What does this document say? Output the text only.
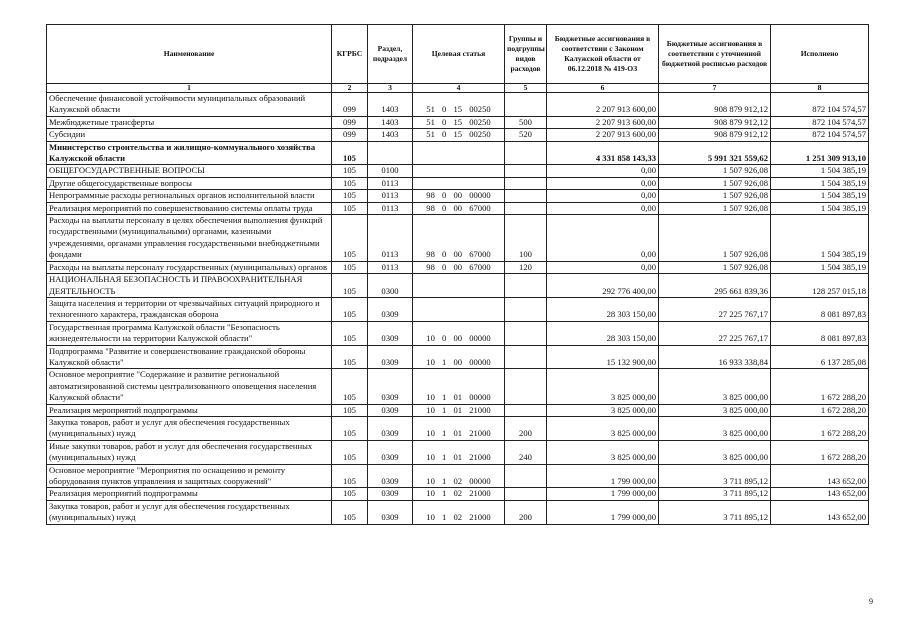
Наименование	КГРБС	Раздел, подраздел	Целевая статья	Группы и подгруппы видов расходов	Бюджетные ассигнования в соответствии с Законом Калужской области от 06.12.2018 № 419-ОЗ	Бюджетные ассигнования в соответствии с уточненной бюджетной росписью расходов	Исполнено
1	2	3	4	5	6	7	8
Обеспечение финансовой устойчивости муниципальных образований Калужской области	099	1403	51 0 15 00250		2 207 913 600,00	908 879 912,12	872 104 574,57
Межбюджетные трансферты	099	1403	51 0 15 00250	500	2 207 913 600,00	908 879 912,12	872 104 574,57
Субсидии	099	1403	51 0 15 00250	520	2 207 913 600,00	908 879 912,12	872 104 574,57
Министерство строительства и жилищно-коммунального хозяйства Калужской области	105				4 331 858 143,33	5 991 321 559,62	1 251 309 913,10
ОБЩЕГОСУДАРСТВЕННЫЕ ВОПРОСЫ	105	0100			0,00	1 507 926,08	1 504 385,19
Другие общегосударственные вопросы	105	0113			0,00	1 507 926,08	1 504 385,19
Непрограммные расходы региональных органов исполнительной власти	105	0113	98 0 00 00000		0,00	1 507 926,08	1 504 385,19
Реализация мероприятий по совершенствованию системы оплаты труда	105	0113	98 0 00 67000		0,00	1 507 926,08	1 504 385,19
Расходы на выплаты персоналу в целях обеспечения выполнения функций государственными (муниципальными) органами, казенными учреждениями, органами управления государственными внебюджетными фондами	105	0113	98 0 00 67000	100	0,00	1 507 926,08	1 504 385,19
Расходы на выплаты персоналу государственных (муниципальных) органов	105	0113	98 0 00 67000	120	0,00	1 507 926,08	1 504 385,19
НАЦИОНАЛЬНАЯ БЕЗОПАСНОСТЬ И ПРАВООХРАНИТЕЛЬНАЯ ДЕЯТЕЛЬНОСТЬ	105	0300			292 776 400,00	295 661 839,36	128 257 015,18
Защита населения и территории от чрезвычайных ситуаций природного и техногенного характера, гражданская оборона	105	0309			28 303 150,00	27 225 767,17	8 081 897,83
Государственная программа Калужской области "Безопасность жизнедеятельности на территории Калужской области"	105	0309	10 0 00 00000		28 303 150,00	27 225 767,17	8 081 897,83
Подпрограмма "Развитие и совершенствование гражданской обороны Калужской области"	105	0309	10 1 00 00000		15 132 900,00	16 933 338,84	6 137 285,08
Основное мероприятие "Содержание и развитие региональной автоматизированной системы централизованного оповещения населения Калужской области"	105	0309	10 1 01 00000		3 825 000,00	3 825 000,00	1 672 288,20
Реализация мероприятий подпрограммы	105	0309	10 1 01 21000		3 825 000,00	3 825 000,00	1 672 288,20
Закупка товаров, работ и услуг для обеспечения государственных (муниципальных) нужд	105	0309	10 1 01 21000	200	3 825 000,00	3 825 000,00	1 672 288,20
Иные закупки товаров, работ и услуг для обеспечения государственных (муниципальных) нужд	105	0309	10 1 01 21000	240	3 825 000,00	3 825 000,00	1 672 288,20
Основное мероприятие "Мероприятия по оснащению и ремонту оборудования пунктов управления и защитных сооружений"	105	0309	10 1 02 00000		1 799 000,00	3 711 895,12	143 652,00
Реализация мероприятий подпрограммы	105	0309	10 1 02 21000		1 799 000,00	3 711 895,12	143 652,00
Закупка товаров, работ и услуг для обеспечения государственных (муниципальных) нужд	105	0309	10 1 02 21000	200	1 799 000,00	3 711 895,12	143 652,00
9
